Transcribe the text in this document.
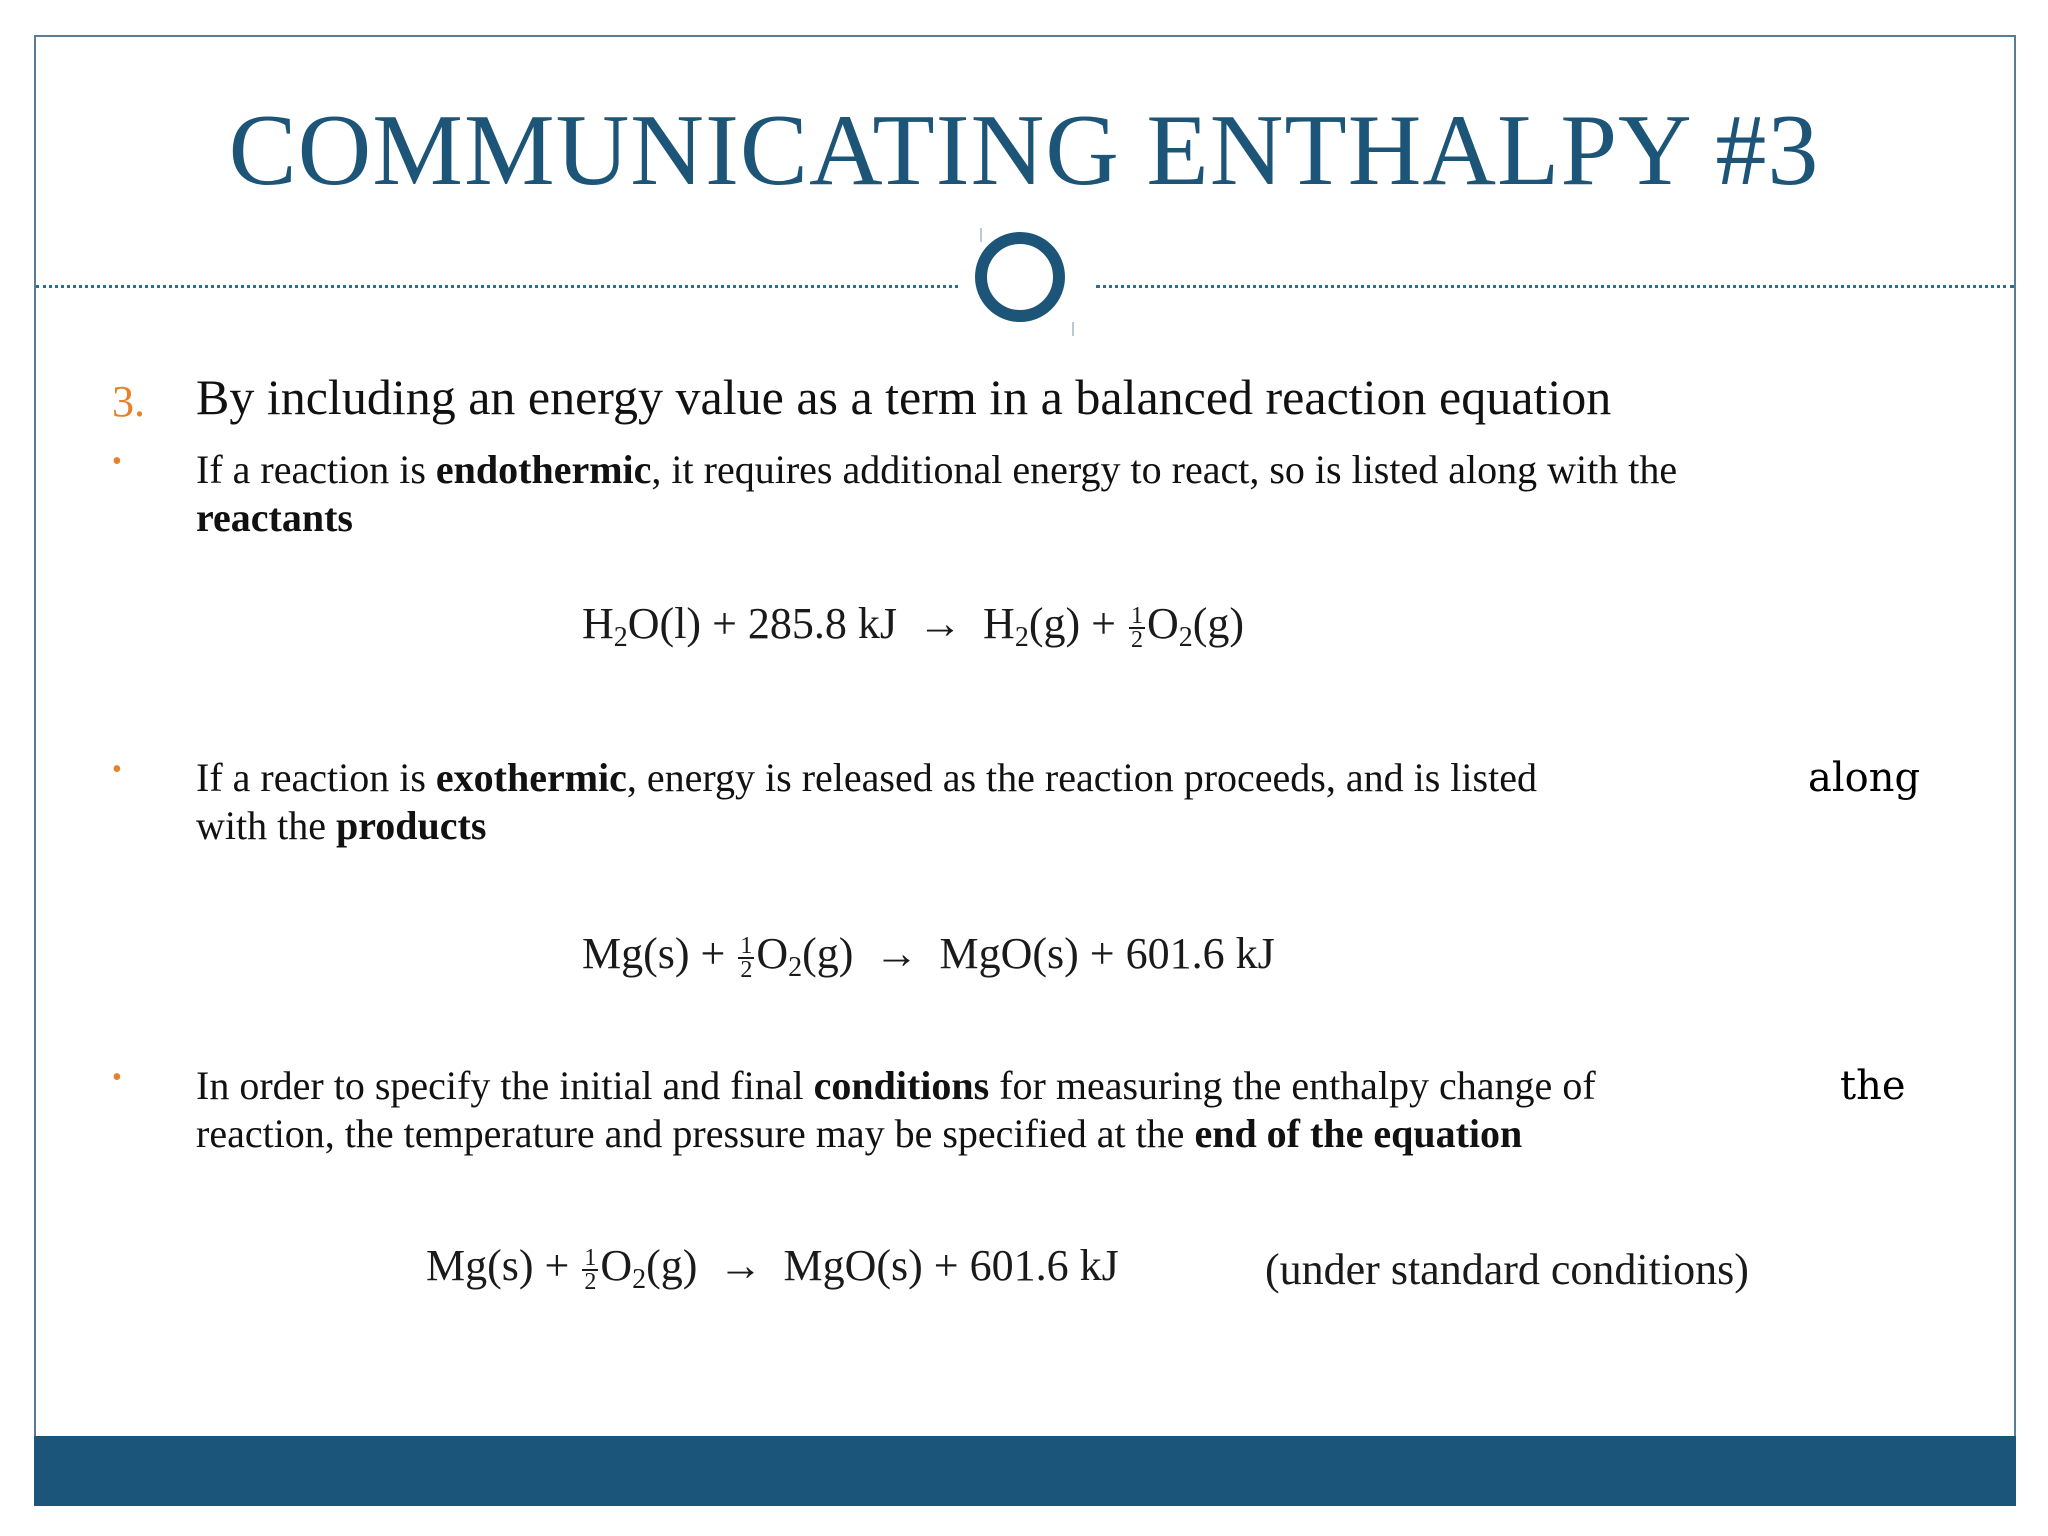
COMMUNICATING ENTHALPY #3
3. By including an energy value as a term in a balanced reaction equation
• If a reaction is endothermic, it requires additional energy to react, so is listed along with the
reactants
$H_2O(l) + 285.8$ kJ → $H_2(g) + \frac{1}{2} O_2(g)$
• If a reaction is exothermic, energy is released as the reaction proceeds, and is listed
with the products
along
$Mg(s) + \frac{1}{2} O_2(g) \to MgO(s) + 601.6$ kJ
• In order to specify the initial and final conditions for measuring the enthalpy change of
reaction, the temperature and pressure may be specified at the end of the equation
the
$Mg(s) + \frac{1}{2} O_2(g) \to MgO(s) + 601.6$ kJ	(under standard conditions)
